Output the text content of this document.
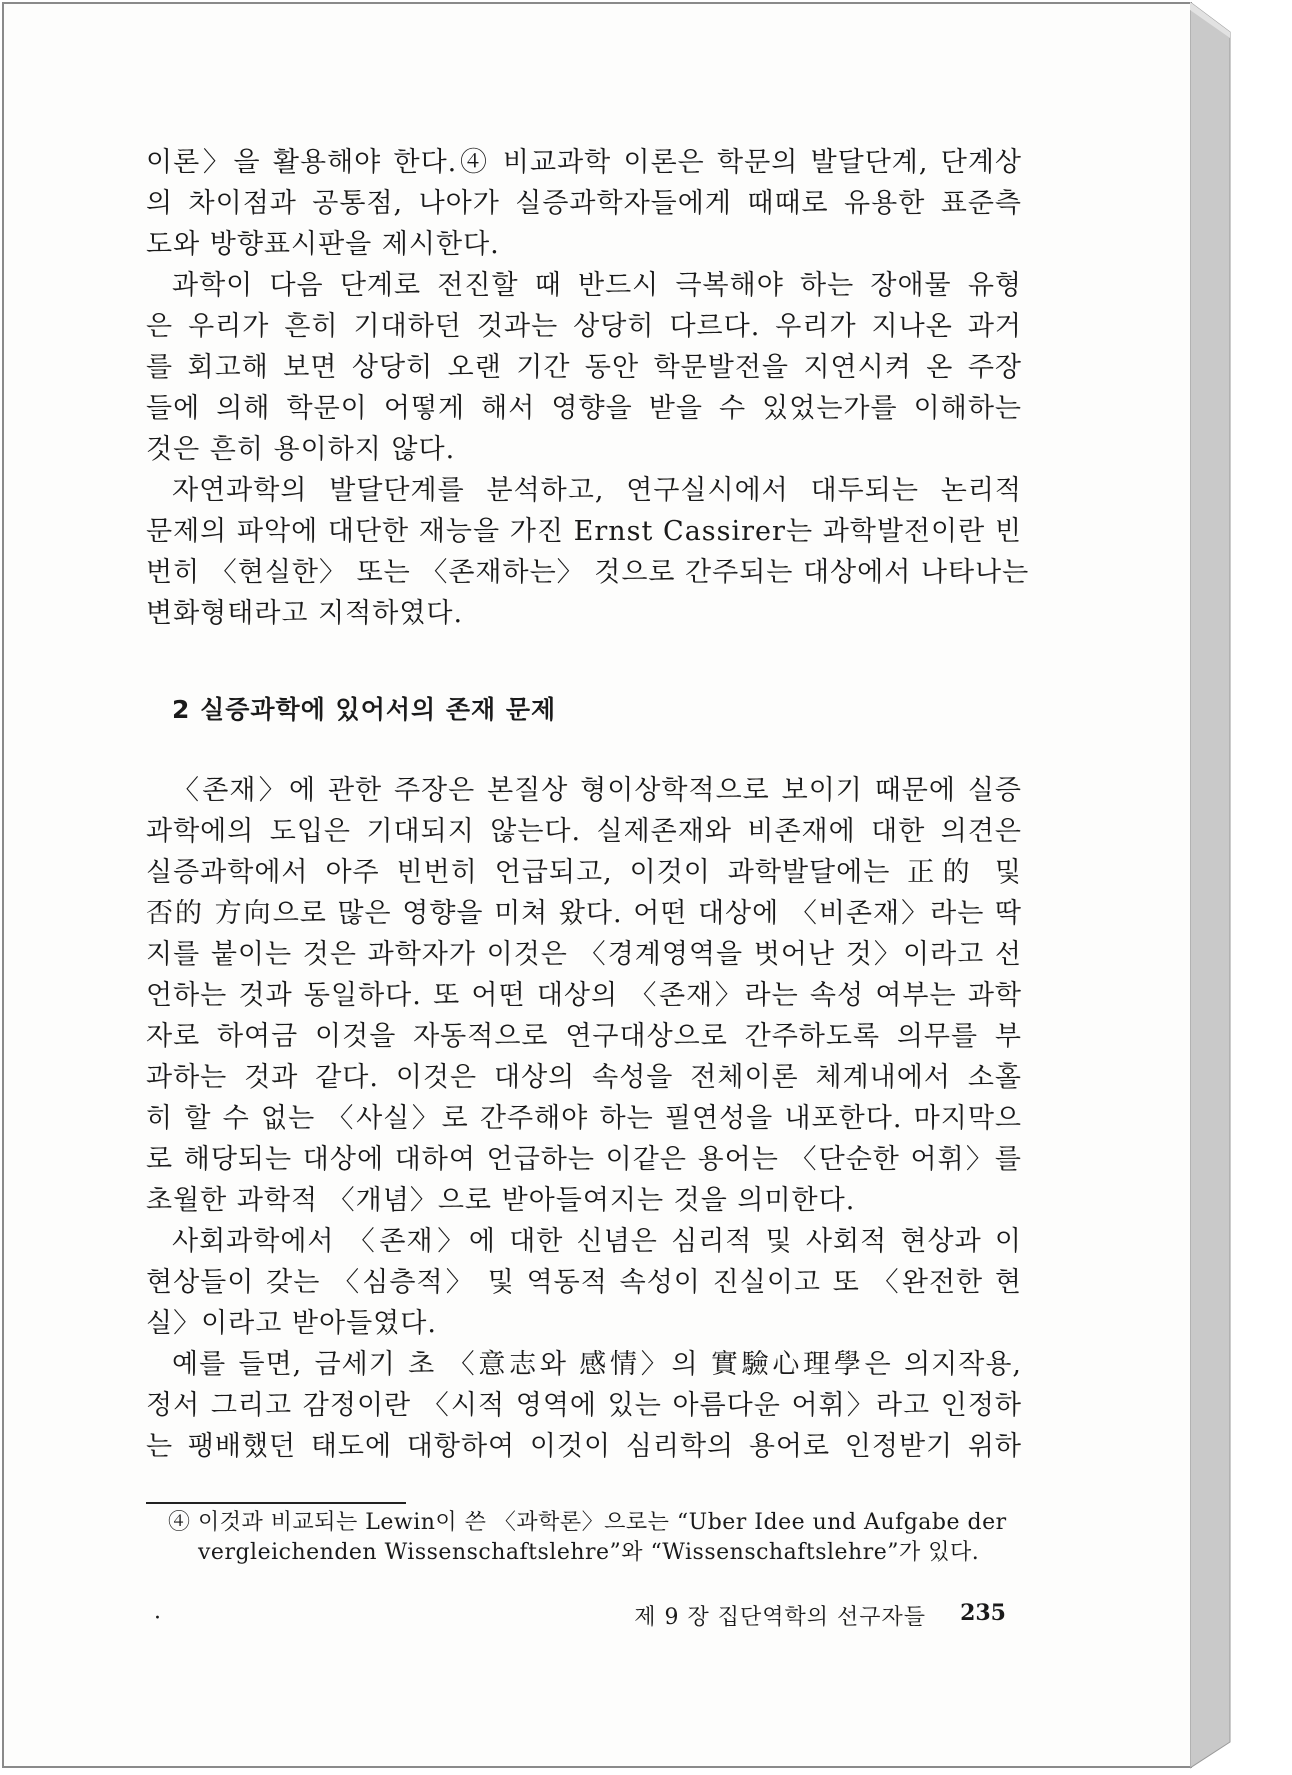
이론〉을 활용해야 한다.④ 비교과학 이론은 학문의 발달단계, 단계상
의 차이점과 공통점, 나아가 실증과학자들에게 때때로 유용한 표준측
도와 방향표시판을 제시한다.
과학이 다음 단계로 전진할 때 반드시 극복해야 하는 장애물 유형
은 우리가 흔히 기대하던 것과는 상당히 다르다. 우리가 지나온 과거
를 회고해 보면 상당히 오랜 기간 동안 학문발전을 지연시켜 온 주장
들에 의해 학문이 어떻게 해서 영향을 받을 수 있었는가를 이해하는
것은 흔히 용이하지 않다.
자연과학의 발달단계를 분석하고, 연구실시에서 대두되는 논리적
문제의 파악에 대단한 재능을 가진 Ernst Cassirer는 과학발전이란 빈
번히 〈현실한〉 또는 〈존재하는〉 것으로 간주되는 대상에서 나타나는
변화형태라고 지적하였다.
2 실증과학에 있어서의 존재 문제
〈존재〉에 관한 주장은 본질상 형이상학적으로 보이기 때문에 실증
과학에의 도입은 기대되지 않는다. 실제존재와 비존재에 대한 의견은
실증과학에서 아주 빈번히 언급되고, 이것이 과학발달에는 正的 및
否的 方向으로 많은 영향을 미쳐 왔다. 어떤 대상에 〈비존재〉라는 딱
지를 붙이는 것은 과학자가 이것은 〈경계영역을 벗어난 것〉이라고 선
언하는 것과 동일하다. 또 어떤 대상의 〈존재〉라는 속성 여부는 과학
자로 하여금 이것을 자동적으로 연구대상으로 간주하도록 의무를 부
과하는 것과 같다. 이것은 대상의 속성을 전체이론 체계내에서 소홀
히 할 수 없는 〈사실〉로 간주해야 하는 필연성을 내포한다. 마지막으
로 해당되는 대상에 대하여 언급하는 이같은 용어는 〈단순한 어휘〉를
초월한 과학적 〈개념〉으로 받아들여지는 것을 의미한다.
사회과학에서 〈존재〉에 대한 신념은 심리적 및 사회적 현상과 이
현상들이 갖는 〈심층적〉 및 역동적 속성이 진실이고 또 〈완전한 현
실〉이라고 받아들였다.
예를 들면, 금세기 초 〈意志와 感情〉의 實驗心理學은 의지작용,
정서 그리고 감정이란 〈시적 영역에 있는 아름다운 어휘〉라고 인정하
는 팽배했던 태도에 대항하여 이것이 심리학의 용어로 인정받기 위하
④ 이것과 비교되는 Lewin이 쓴 〈과학론〉으로는 “Uber Idee und Aufgabe der
vergleichenden Wissenschaftslehre”와 “Wissenschaftslehre”가 있다.
·	제 9 장 집단역학의 선구자들 235
